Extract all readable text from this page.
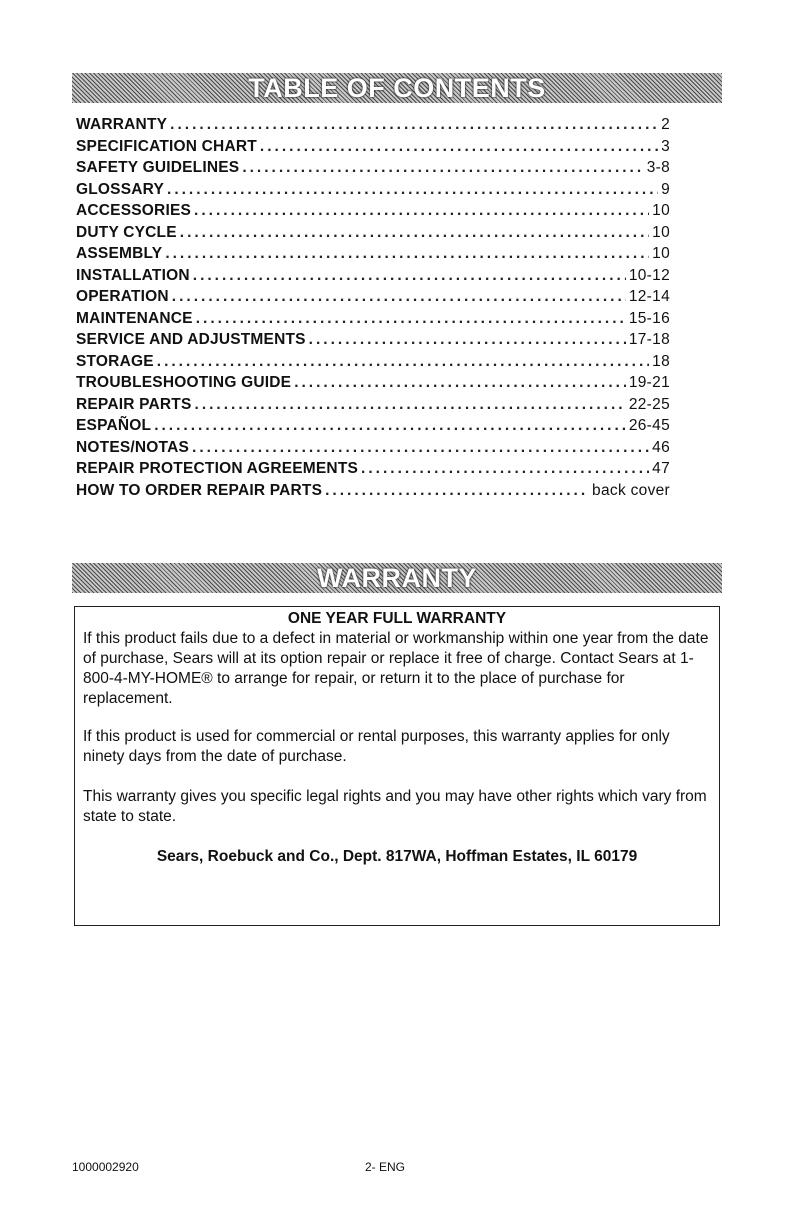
TABLE OF CONTENTS
WARRANTY .....	2
SPECIFICATION CHART .....	3
SAFETY GUIDELINES .....	3-8
GLOSSARY .....	9
ACCESSORIES .....	10
DUTY CYCLE .....	10
ASSEMBLY .....	10
INSTALLATION .....	10-12
OPERATION .....	12-14
MAINTENANCE .....	15-16
SERVICE AND ADJUSTMENTS .....	17-18
STORAGE .....	18
TROUBLESHOOTING GUIDE .....	19-21
REPAIR PARTS .....	22-25
ESPAÑOL .....	26-45
NOTES/NOTAS .....	46
REPAIR PROTECTION AGREEMENTS .....	47
HOW TO ORDER REPAIR PARTS .....	back cover
WARRANTY
ONE YEAR FULL WARRANTY

If this product fails due to a defect in material or workmanship within one year from the date of purchase, Sears will at its option repair or replace it free of charge. Contact Sears at 1-800-4-MY-HOME® to arrange for repair, or return it to the place of purchase for replacement.

If this product is used for commercial or rental purposes, this warranty applies for only ninety days from the date of purchase.

This warranty gives you specific legal rights and you may have other rights which vary from state to state.

Sears, Roebuck and Co., Dept. 817WA, Hoffman Estates, IL 60179
1000002920	2- ENG
